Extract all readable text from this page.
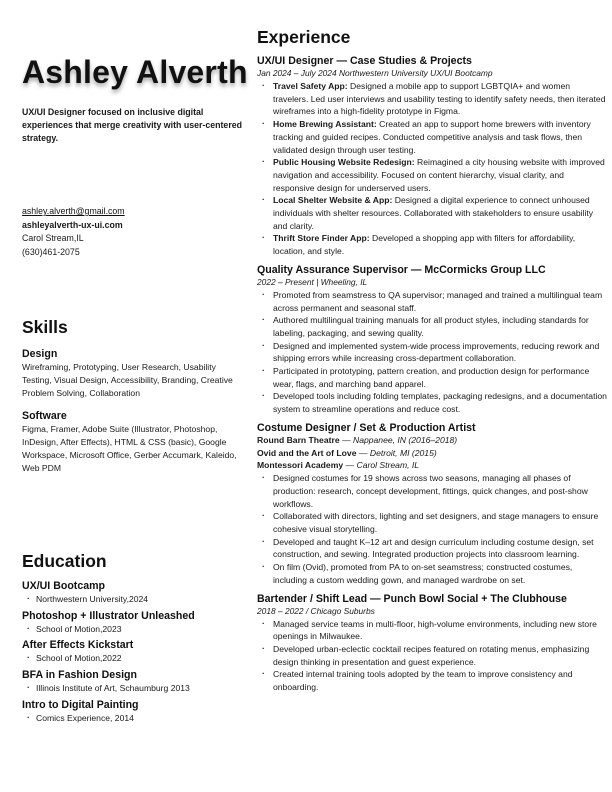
Ashley Alverth
UX/UI Designer focused on inclusive digital experiences that merge creativity with user-centered strategy.
ashley.alverth@gmail.com
ashleyalverth-ux-ui.com
Carol Stream,IL
(630)461-2075
Skills
Design
Wireframing, Prototyping, User Research, Usability Testing, Visual Design, Accessibility, Branding, Creative Problem Solving, Collaboration
Software
Figma, Framer, Adobe Suite (Illustrator, Photoshop, InDesign, After Effects), HTML & CSS (basic), Google Workspace, Microsoft Office, Gerber Accumark, Kaleido, Web PDM
Education
UX/UI Bootcamp
· Northwestern University,2024
Photoshop + Illustrator Unleashed
· School of Motion,2023
After Effects Kickstart
· School of Motion,2022
BFA in Fashion Design
· Illinois Institute of Art, Schaumburg 2013
Intro to Digital Painting
· Comics Experience, 2014
Experience
UX/UI Designer — Case Studies & Projects
Jan 2024 – July 2024 Northwestern University UX/UI Bootcamp
· Travel Safety App: Designed a mobile app to support LGBTQIA+ and women travelers. Led user interviews and usability testing to identify safety needs, then iterated wireframes into a high-fidelity prototype in Figma.
· Home Brewing Assistant: Created an app to support home brewers with inventory tracking and guided recipes. Conducted competitive analysis and task flows, then validated design through user testing.
· Public Housing Website Redesign: Reimagined a city housing website with improved navigation and accessibility. Focused on content hierarchy, visual clarity, and responsive design for underserved users.
· Local Shelter Website & App: Designed a digital experience to connect unhoused individuals with shelter resources. Collaborated with stakeholders to ensure usability and clarity.
· Thrift Store Finder App: Developed a shopping app with filters for affordability, location, and style.
Quality Assurance Supervisor — McCormicks Group LLC
2022 – Present | Wheeling, IL
· Promoted from seamstress to QA supervisor; managed and trained a multilingual team across permanent and seasonal staff.
· Authored multilingual training manuals for all product styles, including standards for labeling, packaging, and sewing quality.
· Designed and implemented system-wide process improvements, reducing rework and shipping errors while increasing cross-department collaboration.
· Participated in prototyping, pattern creation, and production design for performance wear, flags, and marching band apparel.
· Developed tools including folding templates, packaging redesigns, and a documentation system to streamline operations and reduce cost.
Costume Designer / Set & Production Artist
Round Barn Theatre — Nappanee, IN (2016–2018)
Ovid and the Art of Love — Detroit, MI (2015)
Montessori Academy — Carol Stream, IL
· Designed costumes for 19 shows across two seasons, managing all phases of production: research, concept development, fittings, quick changes, and post-show workflows.
· Collaborated with directors, lighting and set designers, and stage managers to ensure cohesive visual storytelling.
· Developed and taught K–12 art and design curriculum including costume design, set construction, and sewing. Integrated production projects into classroom learning.
· On film (Ovid), promoted from PA to on-set seamstress; constructed costumes, including a custom wedding gown, and managed wardrobe on set.
Bartender / Shift Lead — Punch Bowl Social + The Clubhouse
2018 – 2022 / Chicago Suburbs
· Managed service teams in multi-floor, high-volume environments, including new store openings in Milwaukee.
· Developed urban-eclectic cocktail recipes featured on rotating menus, emphasizing design thinking in presentation and guest experience.
· Created internal training tools adopted by the team to improve consistency and onboarding.
